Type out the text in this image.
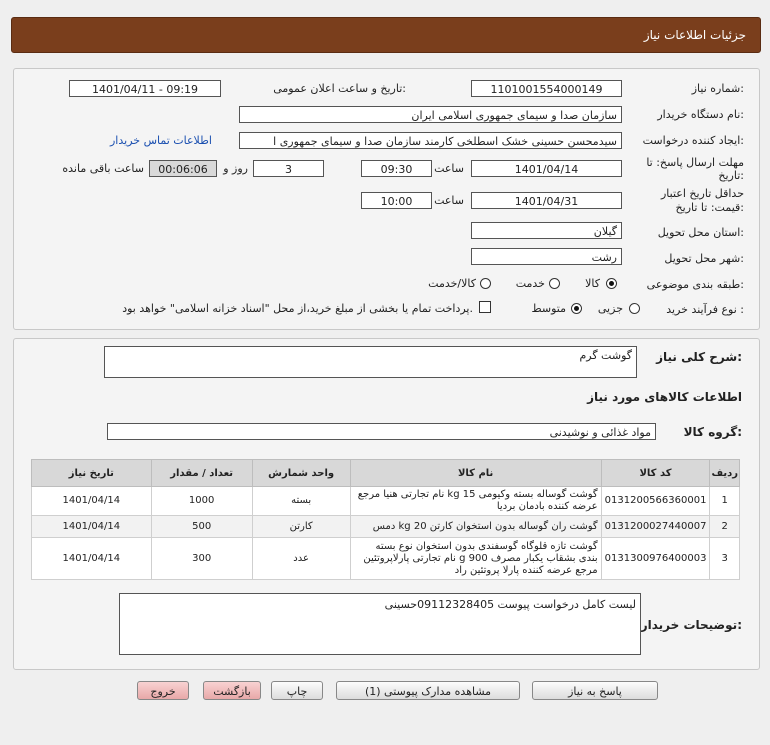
جزئیات اطلاعات نیاز
شماره نیاز:
1101001554000149
تاریخ و ساعت اعلان عمومی:
1401/04/11 - 09:19
نام دستگاه خریدار:
سازمان صدا و سیمای جمهوری اسلامی ایران
ایجاد کننده درخواست:
سیدمحسن حسینی خشک اسطلخی کارمند سازمان صدا و سیمای جمهوری ا
اطلاعات تماس خریدار
مهلت ارسال پاسخ: تا
تاریخ:
1401/04/14
ساعت
09:30
3
روز و
00:06:06
ساعت باقی مانده
حداقل تاریخ اعتبار
قیمت: تا تاریخ:
1401/04/31
ساعت
10:00
استان محل تحویل:
گیلان
شهر محل تحویل:
رشت
طبقه بندی موضوعی:
کالا
خدمت
کالا/خدمت
نوع فرآیند خرید :
جزیی
متوسط
پرداخت تمام یا بخشی از مبلغ خرید،از محل "اسناد خزانه اسلامی" خواهد بود.
شرح کلی نیاز:
گوشت گرم
اطلاعات کالاهای مورد نیاز
گروه کالا:
مواد غذائی و نوشیدنی
ردیف	کد کالا	نام کالا	واحد شمارش	تعداد / مقدار	تاریخ نیاز
1	0131200566360001	گوشت گوساله بسته وکیومی 15 kg نام تجارتی هنیا مرجع عرضه کننده بادمان بردیا	بسته	1000	1401/04/14
2	0131200027440007	گوشت ران گوساله بدون استخوان کارتن 20 kg دمس	کارتن	500	1401/04/14
3	0131300976400003	گوشت تازه قلوگاه گوسفندی بدون استخوان نوع بسته بندی بشقاب یکبار مصرف 900 g نام تجارتی پارلاپروتئین مرجع عرضه کننده پارلا پروتئین راد	عدد	300	1401/04/14
توضیحات خریدار:
لیست کامل درخواست پیوست 09112328405حسینی
پاسخ به نیاز
مشاهده مدارک پیوستی (1)
چاپ
بازگشت
خروج
